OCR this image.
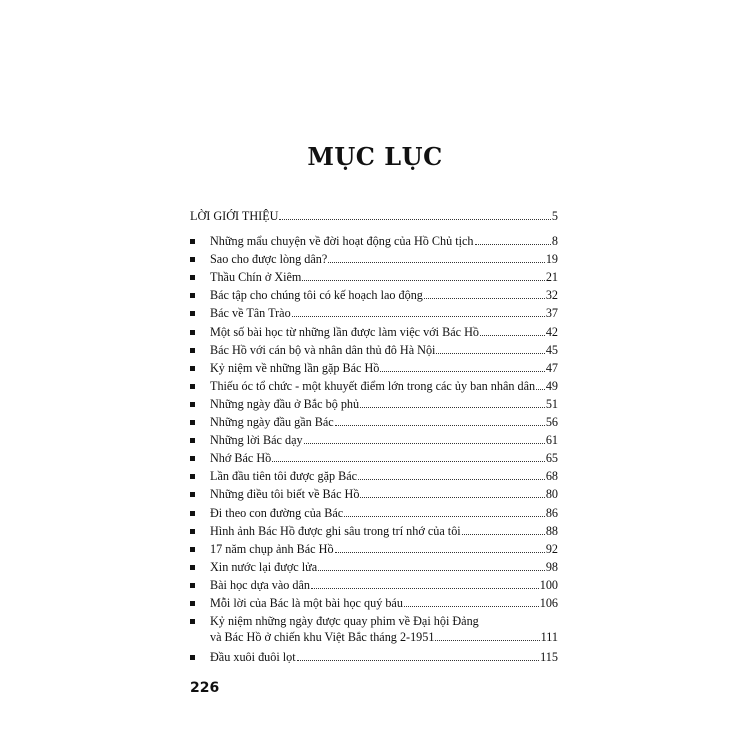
MỤC LỤC
LỜI GIỚI THIỆU	5
Những mẩu chuyện về đời hoạt động của Hồ Chủ tịch	8
Sao cho được lòng dân?	19
Thầu Chín ở Xiêm	21
Bác tập cho chúng tôi có kế hoạch lao động	32
Bác về Tân Trào	37
Một số bài học từ những lần được làm việc với Bác Hồ	42
Bác Hồ với cán bộ và nhân dân thủ đô Hà Nội	45
Kỷ niệm về những lần gặp Bác Hồ	47
Thiếu óc tổ chức - một khuyết điểm lớn trong các ủy ban nhân dân 49
Những ngày đầu ở Bắc bộ phủ	51
Những ngày đầu gần Bác	56
Những lời Bác dạy	61
Nhớ Bác Hồ	65
Lần đầu tiên tôi được gặp Bác	68
Những điều tôi biết về Bác Hồ	80
Đi theo con đường của Bác	86
Hình ảnh Bác Hồ được ghi sâu trong trí nhớ của tôi	88
17 năm chụp ảnh Bác Hồ	92
Xin nước lại được lửa	98
Bài học dựa vào dân	100
Mỗi lời của Bác là một bài học quý báu	106
Kỷ niệm những ngày được quay phim về Đại hội Đảng
và Bác Hồ ở chiến khu Việt Bắc tháng 2-1951	111
Đầu xuôi đuôi lọt	115
226
